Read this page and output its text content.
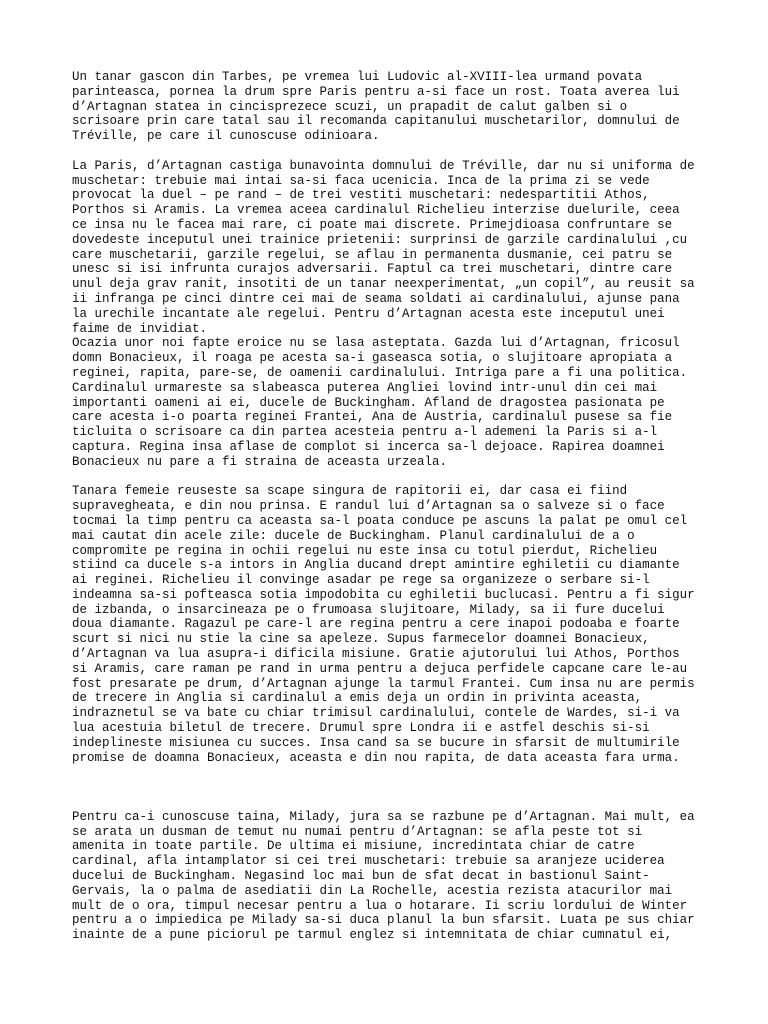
Un tanar gascon din Tarbes, pe vremea lui Ludovic al-XVIII-lea urmand povata
parinteasca, pornea la drum spre Paris pentru a-si face un rost. Toata averea lui
d’Artagnan statea in cincisprezece scuzi, un prapadit de calut galben si o
scrisoare prin care tatal sau il recomanda capitanului muschetarilor, domnului de
Tréville, pe care il cunoscuse odinioara.

La Paris, d’Artagnan castiga bunavointa domnului de Tréville, dar nu si uniforma de
muschetar: trebuie mai intai sa-si faca ucenicia. Inca de la prima zi se vede
provocat la duel – pe rand – de trei vestiti muschetari: nedespartitii Athos,
Porthos si Aramis. La vremea aceea cardinalul Richelieu interzise duelurile, ceea
ce insa nu le facea mai rare, ci poate mai discrete. Primejdioasa confruntare se
dovedeste inceputul unei trainice prietenii: surprinsi de garzile cardinalului ,cu
care muschetarii, garzile regelui, se aflau in permanenta dusmanie, cei patru se
unesc si isi infrunta curajos adversarii. Faptul ca trei muschetari, dintre care
unul deja grav ranit, insotiti de un tanar neexperimentat, „un copil”, au reusit sa
ii infranga pe cinci dintre cei mai de seama soldati ai cardinalului, ajunse pana
la urechile incantate ale regelui. Pentru d’Artagnan acesta este inceputul unei
faime de invidiat.

Ocazia unor noi fapte eroice nu se lasa asteptata. Gazda lui d’Artagnan, fricosul
domn Bonacieux, il roaga pe acesta sa-i gaseasca sotia, o slujitoare apropiata a
reginei, rapita, pare-se, de oamenii cardinalului. Intriga pare a fi una politica.
Cardinalul urmareste sa slabeasca puterea Angliei lovind intr-unul din cei mai
importanti oameni ai ei, ducele de Buckingham. Afland de dragostea pasionata pe
care acesta i-o poarta reginei Frantei, Ana de Austria, cardinalul pusese sa fie
ticluita o scrisoare ca din partea acesteia pentru a-l ademeni la Paris si a-l
captura. Regina insa aflase de complot si incerca sa-l dejoace. Rapirea doamnei
Bonacieux nu pare a fi straina de aceasta urzeala.

Tanara femeie reuseste sa scape singura de rapitorii ei, dar casa ei fiind
supravegheata, e din nou prinsa. E randul lui d’Artagnan sa o salveze si o face
tocmai la timp pentru ca aceasta sa-l poata conduce pe ascuns la palat pe omul cel
mai cautat din acele zile: ducele de Buckingham. Planul cardinalului de a o
compromite pe regina in ochii regelui nu este insa cu totul pierdut, Richelieu
stiind ca ducele s-a intors in Anglia ducand drept amintire eghiletii cu diamante
ai reginei. Richelieu il convinge asadar pe rege sa organizeze o serbare si-l
indeamna sa-si pofteasca sotia impodobita cu eghiletii buclucasi. Pentru a fi sigur
de izbanda, o insarcineaza pe o frumoasa slujitoare, Milady, sa ii fure ducelui
doua diamante. Ragazul pe care-l are regina pentru a cere inapoi podoaba e foarte
scurt si nici nu stie la cine sa apeleze. Supus farmecelor doamnei Bonacieux,
d’Artagnan va lua asupra-i dificila misiune. Gratie ajutorului lui Athos, Porthos
si Aramis, care raman pe rand in urma pentru a dejuca perfidele capcane care le-au
fost presarate pe drum, d’Artagnan ajunge la tarmul Frantei. Cum insa nu are permis
de trecere in Anglia si cardinalul a emis deja un ordin in privinta aceasta,
indraznetul se va bate cu chiar trimisul cardinalului, contele de Wardes, si-i va
lua acestuia biletul de trecere. Drumul spre Londra ii e astfel deschis si-si
indeplineste misiunea cu succes. Insa cand sa se bucure in sfarsit de multumirile
promise de doamna Bonacieux, aceasta e din nou rapita, de data aceasta fara urma.

Pentru ca-i cunoscuse taina, Milady, jura sa se razbune pe d’Artagnan. Mai mult, ea
se arata un dusman de temut nu numai pentru d’Artagnan: se afla peste tot si
amenita in toate partile. De ultima ei misiune, incredintata chiar de catre
cardinal, afla intamplator si cei trei muschetari: trebuie sa aranjeze uciderea
ducelui de Buckingham. Negasind loc mai bun de sfat decat in bastionul Saint-
Gervais, la o palma de asediatii din La Rochelle, acestia rezista atacurilor mai
mult de o ora, timpul necesar pentru a lua o hotarare. Ii scriu lordului de Winter
pentru a o impiedica pe Milady sa-si duca planul la bun sfarsit. Luata pe sus chiar
inainte de a pune piciorul pe tarmul englez si intemnitata de chiar cumnatul ei,
